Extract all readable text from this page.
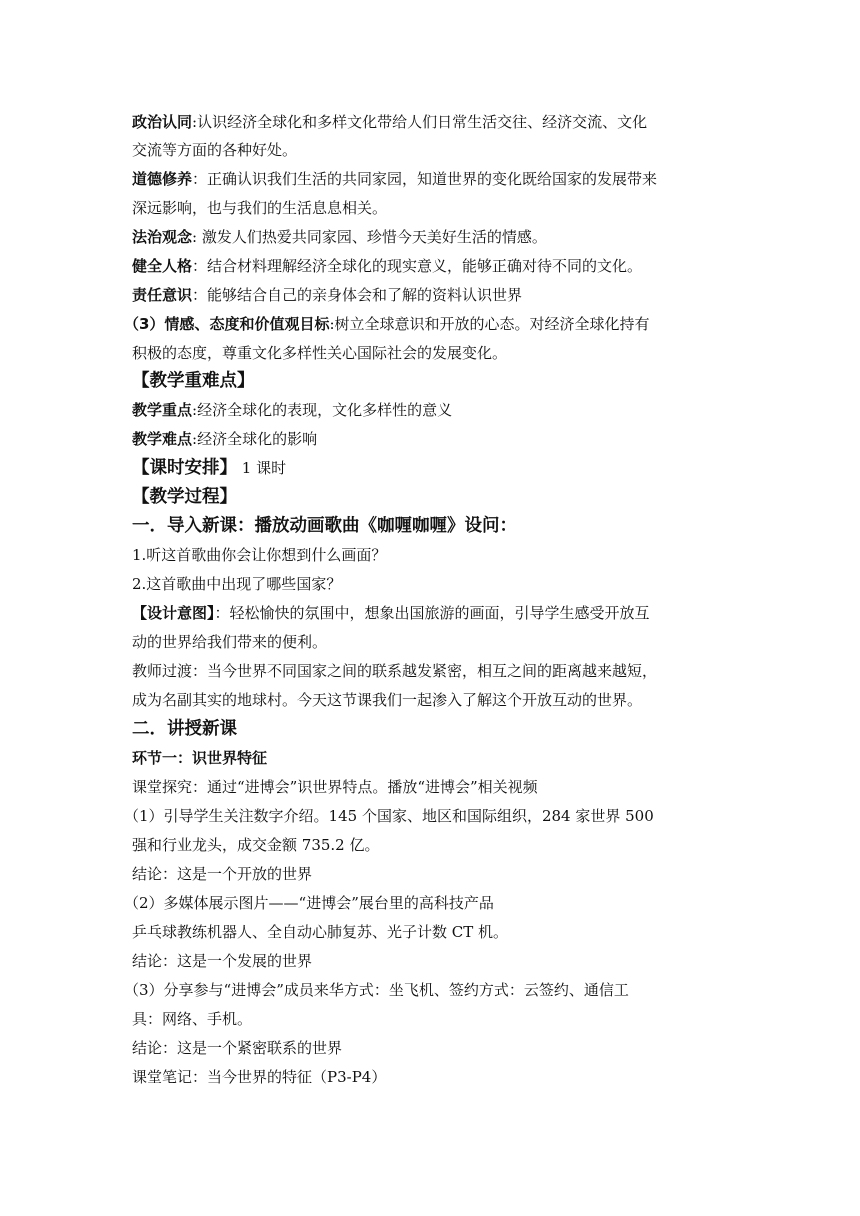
政治认同:认识经济全球化和多样文化带给人们日常生活交往、经济交流、文化
交流等方面的各种好处。
道德修养：正确认识我们生活的共同家园，知道世界的变化既给国家的发展带来
深远影响，也与我们的生活息息相关。
法治观念: 激发人们热爱共同家园、珍惜今天美好生活的情感。
健全人格：结合材料理解经济全球化的现实意义，能够正确对待不同的文化。
责任意识：能够结合自己的亲身体会和了解的资料认识世界
（3）情感、态度和价值观目标:树立全球意识和开放的心态。对经济全球化持有
积极的态度，尊重文化多样性关心国际社会的发展变化。
【教学重难点】
教学重点:经济全球化的表现，文化多样性的意义
教学难点:经济全球化的影响
【课时安排】 1 课时
【教学过程】
一．导入新课：播放动画歌曲《咖喱咖喱》设问：
1.听这首歌曲你会让你想到什么画面？
2.这首歌曲中出现了哪些国家？
【设计意图】：轻松愉快的氛围中，想象出国旅游的画面，引导学生感受开放互
动的世界给我们带来的便利。
教师过渡：当今世界不同国家之间的联系越发紧密，相互之间的距离越来越短，
成为名副其实的地球村。今天这节课我们一起渗入了解这个开放互动的世界。
二．讲授新课
环节一：识世界特征
课堂探究：通过“进博会”识世界特点。播放“进博会”相关视频
（1）引导学生关注数字介绍。145 个国家、地区和国际组织，284 家世界 500
强和行业龙头，成交金额 735.2 亿。
结论：这是一个开放的世界
（2）多媒体展示图片——“进博会”展台里的高科技产品
乒乓球教练机器人、全自动心肺复苏、光子计数 CT 机。
结论：这是一个发展的世界
（3）分享参与“进博会”成员来华方式：坐飞机、签约方式：云签约、通信工
具：网络、手机。
结论：这是一个紧密联系的世界
课堂笔记：当今世界的特征（P3-P4）
